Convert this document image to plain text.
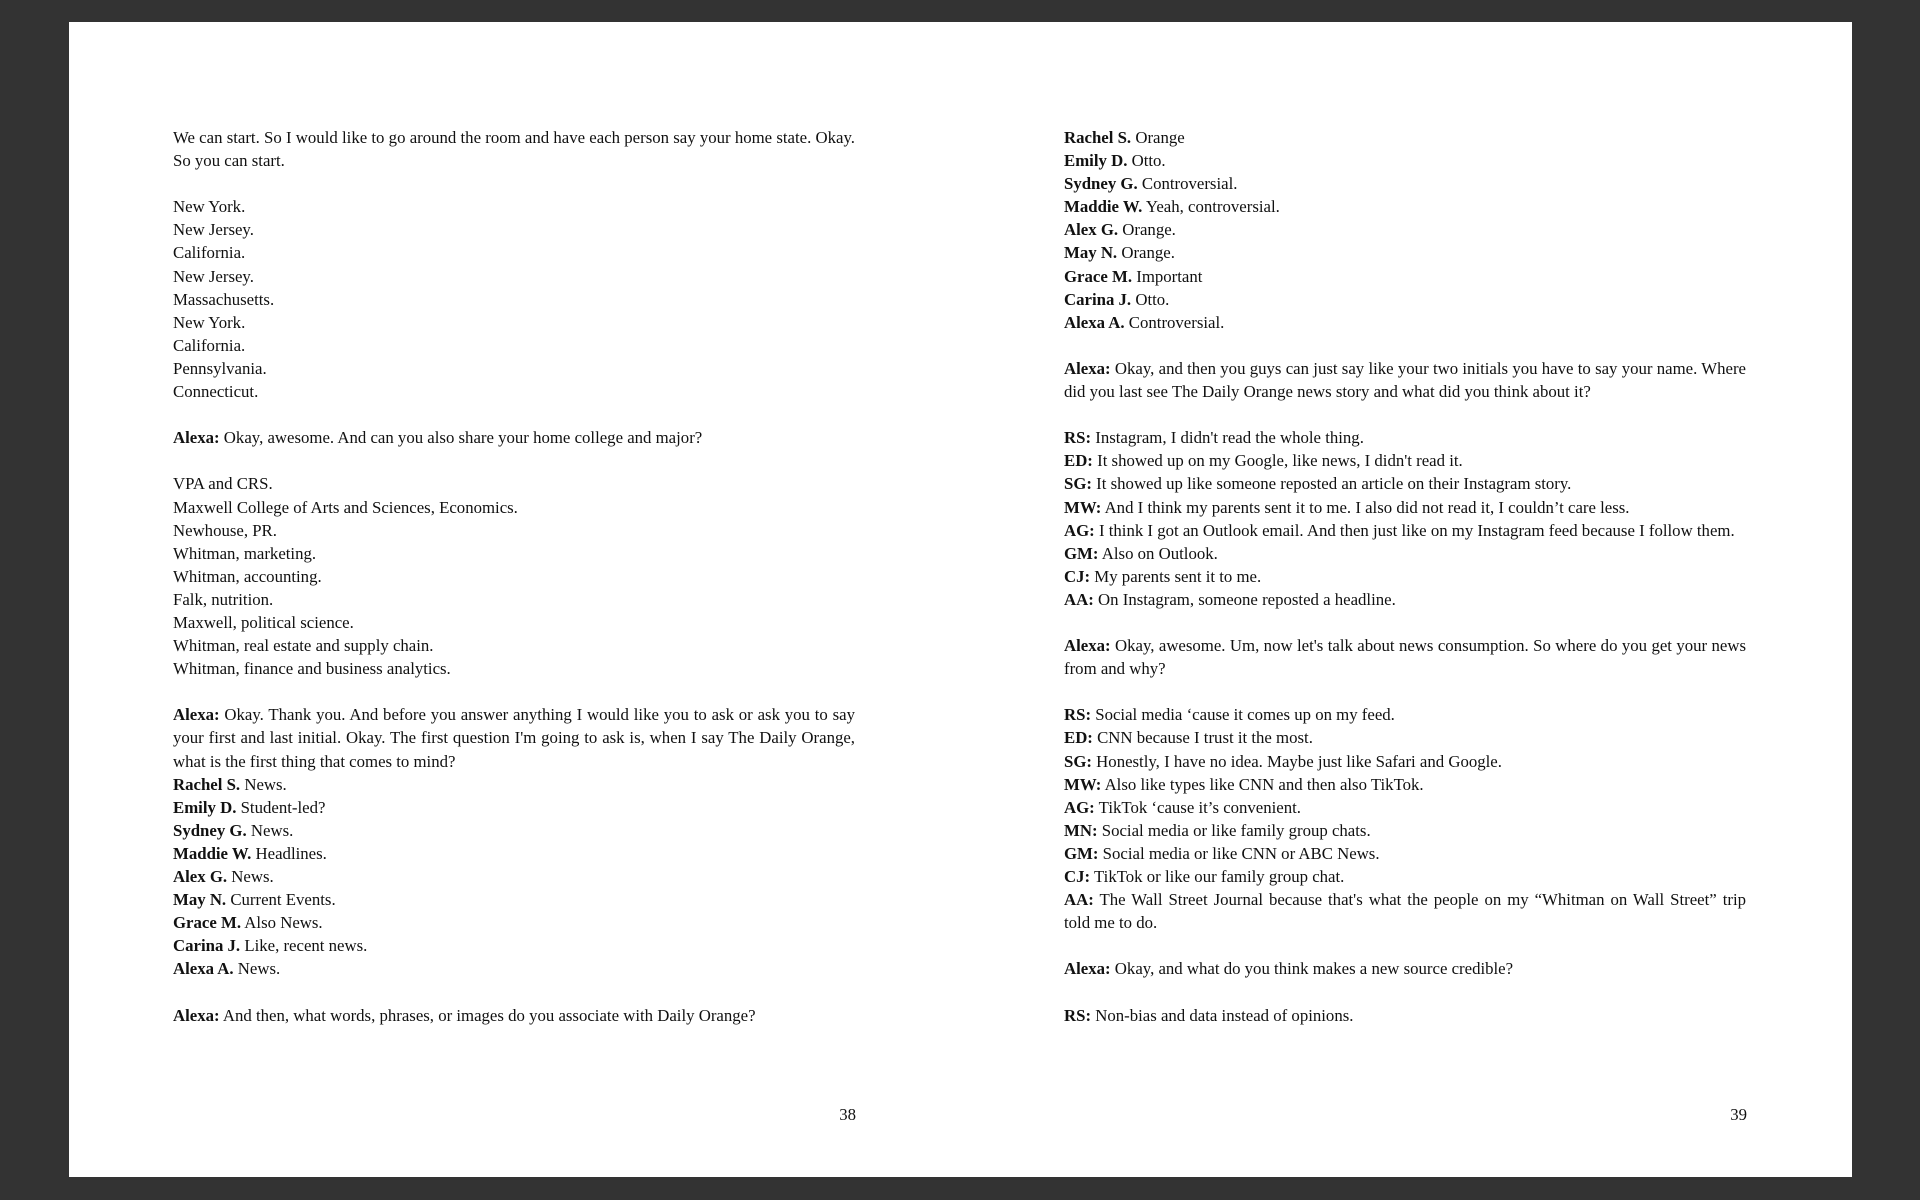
We can start. So I would like to go around the room and have each person say your home state. Okay. So you can start.
New York.
New Jersey.
California.
New Jersey.
Massachusetts.
New York.
California.
Pennsylvania.
Connecticut.
Alexa: Okay, awesome. And can you also share your home college and major?
VPA and CRS.
Maxwell College of Arts and Sciences, Economics.
Newhouse, PR.
Whitman, marketing.
Whitman, accounting.
Falk, nutrition.
Maxwell, political science.
Whitman, real estate and supply chain.
Whitman, finance and business analytics.
Alexa: Okay. Thank you. And before you answer anything I would like you to ask or ask you to say your first and last initial. Okay. The first question I'm going to ask is, when I say The Daily Orange, what is the first thing that comes to mind?
Rachel S. News.
Emily D. Student-led?
Sydney G. News.
Maddie W. Headlines.
Alex G. News.
May N. Current Events.
Grace M. Also News.
Carina J. Like, recent news.
Alexa A. News.
Alexa: And then, what words, phrases, or images do you associate with Daily Orange?
38
Rachel S. Orange
Emily D. Otto.
Sydney G. Controversial.
Maddie W. Yeah, controversial.
Alex G. Orange.
May N. Orange.
Grace M. Important
Carina J. Otto.
Alexa A. Controversial.
Alexa: Okay, and then you guys can just say like your two initials you have to say your name. Where did you last see The Daily Orange news story and what did you think about it?
RS: Instagram, I didn't read the whole thing.
ED: It showed up on my Google, like news, I didn't read it.
SG: It showed up like someone reposted an article on their Instagram story.
MW: And I think my parents sent it to me. I also did not read it, I couldn’t care less.
AG: I think I got an Outlook email. And then just like on my Instagram feed because I follow them.
GM: Also on Outlook.
CJ: My parents sent it to me.
AA: On Instagram, someone reposted a headline.
Alexa: Okay, awesome. Um, now let's talk about news consumption. So where do you get your news from and why?
RS: Social media ‘cause it comes up on my feed.
ED: CNN because I trust it the most.
SG: Honestly, I have no idea. Maybe just like Safari and Google.
MW: Also like types like CNN and then also TikTok.
AG: TikTok ‘cause it’s convenient.
MN: Social media or like family group chats.
GM: Social media or like CNN or ABC News.
CJ: TikTok or like our family group chat.
AA: The Wall Street Journal because that's what the people on my “Whitman on Wall Street” trip told me to do.
Alexa: Okay, and what do you think makes a new source credible?
RS: Non-bias and data instead of opinions.
39
